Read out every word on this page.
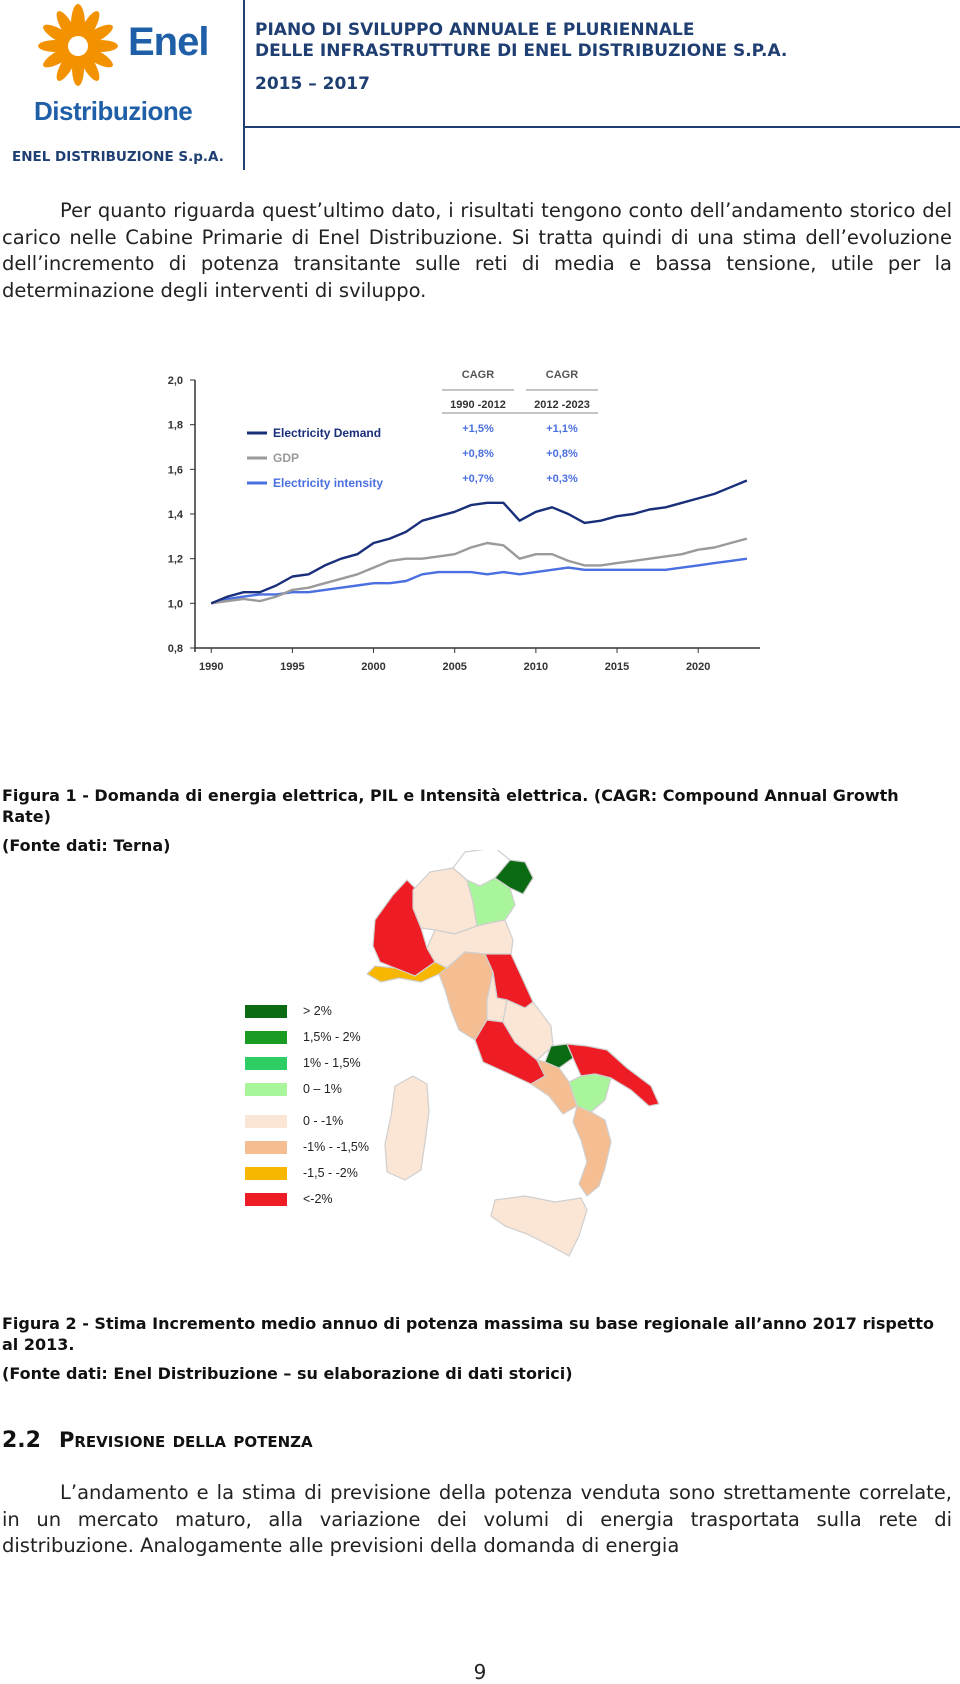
Enel
Distribuzione
ENEL DISTRIBUZIONE S.p.A.
PIANO DI SVILUPPO ANNUALE E PLURIENNALE
DELLE INFRASTRUTTURE DI ENEL DISTRIBUZIONE S.P.A.
2015 – 2017
Per quanto riguarda quest’ultimo dato, i risultati tengono conto dell’andamento storico del carico nelle Cabine Primarie di Enel Distribuzione. Si tratta quindi di una stima dell’evoluzione dell’incremento di potenza transitante sulle reti di media e bassa tensione, utile per la determinazione degli interventi di sviluppo.
0,8
1,0
1,2
1,4
1,6
1,8
2,0
1990	1995	2000	2005	2010	2015	2020
Electricity Demand
GDP
Electricity intensity
CAGR	CAGR
1990 -2012	2012 -2023
+1,5%	+1,1%
+0,8%	+0,8%
+0,7%	+0,3%
Figura 1 - Domanda di energia elettrica, PIL e Intensità elettrica. (CAGR: Compound Annual Growth Rate)
(Fonte dati: Terna)
> 2%
1,5% - 2%
1% - 1,5%
0 – 1%
0 - -1%
-1% - -1,5%
-1,5 - -2%
<-2%
Figura 2 - Stima Incremento medio annuo di potenza massima su base regionale all’anno 2017 rispetto al 2013.
(Fonte dati: Enel Distribuzione – su elaborazione di dati storici)
2.2 Previsione della potenza
L’andamento e la stima di previsione della potenza venduta sono strettamente correlate, in un mercato maturo, alla variazione dei volumi di energia trasportata sulla rete di distribuzione. Analogamente alle previsioni della domanda di energia
9
